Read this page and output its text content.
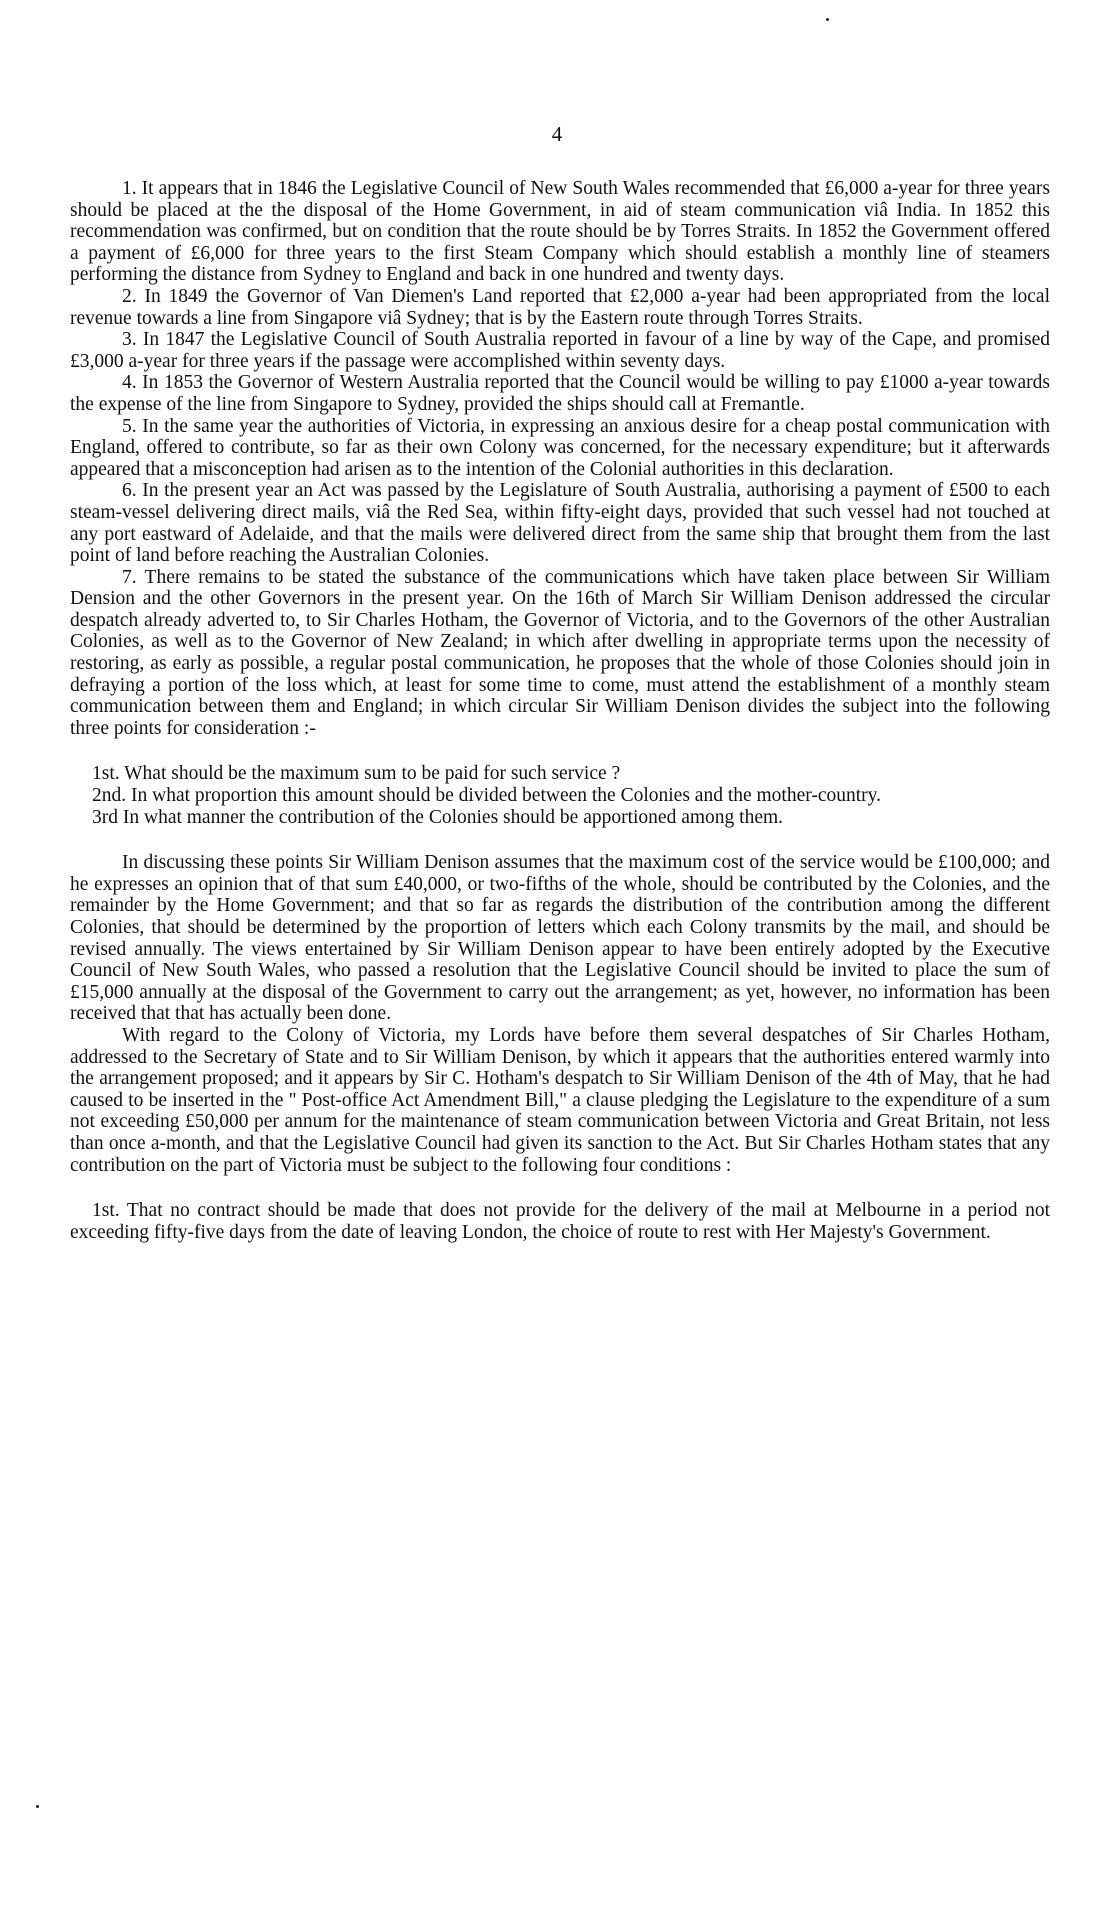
4

1. It appears that in 1846 the Legislative Council of New South Wales recommended that £6,000 a-year for three years should be placed at the the disposal of the Home Government, in aid of steam communication viâ India. In 1852 this recommendation was confirmed, but on condition that the route should be by Torres Straits. In 1852 the Government offered a payment of £6,000 for three years to the first Steam Company which should establish a monthly line of steamers performing the distance from Sydney to England and back in one hundred and twenty days.

2. In 1849 the Governor of Van Diemen's Land reported that £2,000 a-year had been appropriated from the local revenue towards a line from Singapore viâ Sydney; that is by the Eastern route through Torres Straits.

3. In 1847 the Legislative Council of South Australia reported in favour of a line by way of the Cape, and promised £3,000 a-year for three years if the passage were accomplished within seventy days.

4. In 1853 the Governor of Western Australia reported that the Council would be willing to pay £1000 a-year towards the expense of the line from Singapore to Sydney, provided the ships should call at Fremantle.

5. In the same year the authorities of Victoria, in expressing an anxious desire for a cheap postal communication with England, offered to contribute, so far as their own Colony was concerned, for the necessary expenditure; but it afterwards appeared that a misconception had arisen as to the intention of the Colonial authorities in this declaration.

6. In the present year an Act was passed by the Legislature of South Australia, authorising a payment of £500 to each steam-vessel delivering direct mails, viâ the Red Sea, within fifty-eight days, provided that such vessel had not touched at any port eastward of Adelaide, and that the mails were delivered direct from the same ship that brought them from the last point of land before reaching the Australian Colonies.

7. There remains to be stated the substance of the communications which have taken place between Sir William Dension and the other Governors in the present year. On the 16th of March Sir William Denison addressed the circular despatch already adverted to, to Sir Charles Hotham, the Governor of Victoria, and to the Governors of the other Australian Colonies, as well as to the Governor of New Zealand; in which after dwelling in appropriate terms upon the necessity of restoring, as early as possible, a regular postal communication, he proposes that the whole of those Colonies should join in defraying a portion of the loss which, at least for some time to come, must attend the establishment of a monthly steam communication between them and England; in which circular Sir William Denison divides the subject into the following three points for consideration :-

1st. What should be the maximum sum to be paid for such service ?

2nd. In what proportion this amount should be divided between the Colonies and the mother-country.

3rd In what manner the contribution of the Colonies should be apportioned among them.

In discussing these points Sir William Denison assumes that the maximum cost of the service would be £100,000; and he expresses an opinion that of that sum £40,000, or two-fifths of the whole, should be contributed by the Colonies, and the remainder by the Home Government; and that so far as regards the distribution of the contribution among the different Colonies, that should be determined by the proportion of letters which each Colony transmits by the mail, and should be revised annually. The views entertained by Sir William Denison appear to have been entirely adopted by the Executive Council of New South Wales, who passed a resolution that the Legislative Council should be invited to place the sum of £15,000 annually at the disposal of the Government to carry out the arrangement; as yet, however, no information has been received that that has actually been done.

With regard to the Colony of Victoria, my Lords have before them several despatches of Sir Charles Hotham, addressed to the Secretary of State and to Sir William Denison, by which it appears that the authorities entered warmly into the arrangement proposed; and it appears by Sir C. Hotham's despatch to Sir William Denison of the 4th of May, that he had caused to be inserted in the " Post-office Act Amendment Bill," a clause pledging the Legislature to the expenditure of a sum not exceeding £50,000 per annum for the maintenance of steam communication between Victoria and Great Britain, not less than once a-month, and that the Legislative Council had given its sanction to the Act. But Sir Charles Hotham states that any contribution on the part of Victoria must be subject to the following four conditions :

1st. That no contract should be made that does not provide for the delivery of the mail at Melbourne in a period not exceeding fifty-five days from the date of leaving London, the choice of route to rest with Her Majesty's Government.
